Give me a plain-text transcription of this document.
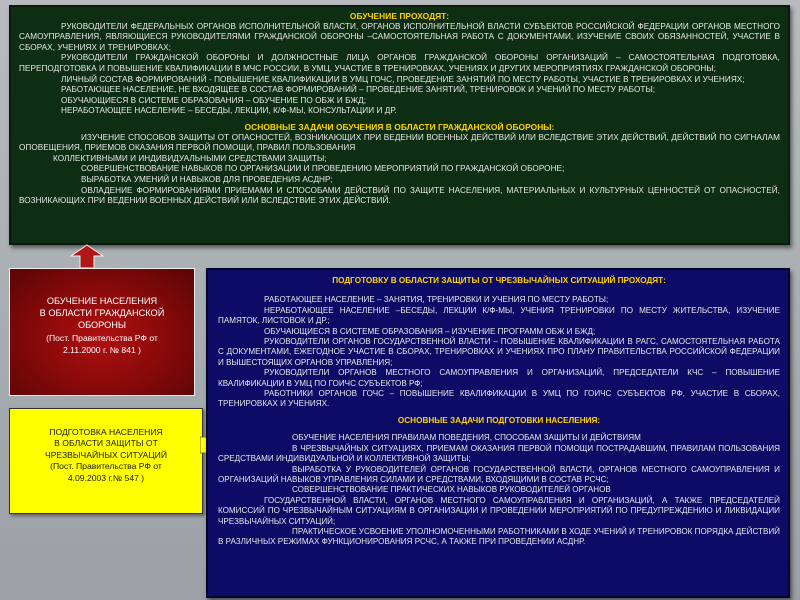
ОБУЧЕНИЕ ПРОХОДЯТ:

РУКОВОДИТЕЛИ ФЕДЕРАЛЬНЫХ ОРГАНОВ ИСПОЛНИТЕЛЬНОЙ ВЛАСТИ, ОРГАНОВ ИСПОЛНИТЕЛЬНОЙ ВЛАСТИ СУБЪЕКТОВ РОССИЙСКОЙ ФЕДЕРАЦИИ ОРГАНОВ МЕСТНОГО САМОУПРАВЛЕНИЯ, ЯВЛЯЮЩИЕСЯ РУКОВОДИТЕЛЯМИ ГРАЖДАНСКОЙ ОБОРОНЫ –САМОСТОЯТЕЛЬНАЯ РАБОТА С ДОКУМЕНТАМИ, ИЗУЧЕНИЕ СВОИХ ОБЯЗАННОСТЕЙ, УЧАСТИЕ В СБОРАХ, УЧЕНИЯХ И ТРЕНИРОВКАХ;

РУКОВОДИТЕЛИ ГРАЖДАНСКОЙ ОБОРОНЫ И ДОЛЖНОСТНЫЕ ЛИЦА ОРГАНОВ ГРАЖДАНСКОЙ ОБОРОНЫ ОРГАНИЗАЦИЙ – САМОСТОЯТЕЛЬНАЯ ПОДГОТОВКА, ПЕРЕПОДГОТОВКА И ПОВЫШЕНИЕ КВАЛИФИКАЦИИ В МЧС РОССИИ, В УМЦ, УЧАСТИЕ В ТРЕНИРОВКАХ, УЧЕНИЯХ И ДРУГИХ МЕРОПРИЯТИЯХ ГРАЖДАНСКОЙ ОБОРОНЫ;

ЛИЧНЫЙ СОСТАВ ФОРМИРОВАНИЙ - ПОВЫШЕНИЕ КВАЛИФИКАЦИИ В УМЦ ГОЧС, ПРОВЕДЕНИЕ ЗАНЯТИЙ ПО МЕСТУ РАБОТЫ, УЧАСТИЕ В ТРЕНИРОВКАХ И УЧЕНИЯХ;

РАБОТАЮЩЕЕ НАСЕЛЕНИЕ, НЕ ВХОДЯЩЕЕ В СОСТАВ ФОРМИРОВАНИЙ – ПРОВЕДЕНИЕ ЗАНЯТИЙ, ТРЕНИРОВОК И УЧЕНИЙ ПО МЕСТУ РАБОТЫ;

ОБУЧАЮЩИЕСЯ В СИСТЕМЕ ОБРАЗОВАНИЯ – ОБУЧЕНИЕ ПО ОБЖ И БЖД;

НЕРАБОТАЮЩЕЕ НАСЕЛЕНИЕ – БЕСЕДЫ, ЛЕКЦИИ, К/Ф-МЫ, КОНСУЛЬТАЦИИ И ДР.

ОСНОВНЫЕ ЗАДАЧИ ОБУЧЕНИЯ В ОБЛАСТИ ГРАЖДАНСКОЙ ОБОРОНЫ:

ИЗУЧЕНИЕ СПОСОБОВ ЗАЩИТЫ ОТ ОПАСНОСТЕЙ, ВОЗНИКАЮЩИХ ПРИ ВЕДЕНИИ ВОЕННЫХ ДЕЙСТВИЙ ИЛИ ВСЛЕДСТВИЕ ЭТИХ ДЕЙСТВИЙ, ДЕЙСТВИЙ ПО СИГНАЛАМ ОПОВЕЩЕНИЯ, ПРИЕМОВ ОКАЗАНИЯ ПЕРВОЙ ПОМОЩИ, ПРАВИЛ ПОЛЬЗОВАНИЯ

КОЛЛЕКТИВНЫМИ И ИНДИВИДУАЛЬНЫМИ СРЕДСТВАМИ ЗАЩИТЫ;

СОВЕРШЕНСТВОВАНИЕ НАВЫКОВ ПО ОРГАНИЗАЦИИ И ПРОВЕДЕНИЮ МЕРОПРИЯТИЙ ПО ГРАЖДАНСКОЙ ОБОРОНЕ;

ВЫРАБОТКА УМЕНИЙ И НАВЫКОВ ДЛЯ ПРОВЕДЕНИЯ АСДНР;

ОВЛАДЕНИЕ ФОРМИРОВАНИЯМИ ПРИЕМАМИ И СПОСОБАМИ ДЕЙСТВИЙ ПО ЗАЩИТЕ НАСЕЛЕНИЯ, МАТЕРИАЛЬНЫХ И КУЛЬТУРНЫХ ЦЕННОСТЕЙ ОТ ОПАСНОСТЕЙ, ВОЗНИКАЮЩИХ ПРИ ВЕДЕНИИ ВОЕННЫХ ДЕЙСТВИЙ ИЛИ ВСЛЕДСТВИЕ ЭТИХ ДЕЙСТВИЙ.

ОБУЧЕНИЕ НАСЕЛЕНИЯ
В ОБЛАСТИ ГРАЖДАНСКОЙ
ОБОРОНЫ
(Пост. Правительства РФ от
2.11.2000 г. № 841 )
ПОДГОТОВКА НАСЕЛЕНИЯ
В ОБЛАСТИ ЗАЩИТЫ ОТ
ЧРЕЗВЫЧАЙНЫХ СИТУАЦИЙ
(Пост. Правительства РФ от
4.09.2003 г.№ 547 )
ПОДГОТОВКУ В ОБЛАСТИ ЗАЩИТЫ ОТ ЧРЕЗВЫЧАЙНЫХ СИТУАЦИЙ ПРОХОДЯТ:

РАБОТАЮЩЕЕ НАСЕЛЕНИЕ – ЗАНЯТИЯ, ТРЕНИРОВКИ И УЧЕНИЯ ПО МЕСТУ РАБОТЫ;

НЕРАБОТАЮЩЕЕ НАСЕЛЕНИЕ –БЕСЕДЫ, ЛЕКЦИИ К/Ф-МЫ, УЧЕНИЯ ТРЕНИРОВКИ ПО МЕСТУ ЖИТЕЛЬСТВА, ИЗУЧЕНИЕ ПАМЯТОК, ЛИСТОВОК И ДР.;

ОБУЧАЮЩИЕСЯ В СИСТЕМЕ ОБРАЗОВАНИЯ – ИЗУЧЕНИЕ ПРОГРАММ ОБЖ И БЖД;

РУКОВОДИТЕЛИ ОРГАНОВ ГОСУДАРСТВЕННОЙ ВЛАСТИ – ПОВЫШЕНИЕ КВАЛИФИКАЦИИ В РАГС, САМОСТОЯТЕЛЬНАЯ РАБОТА С ДОКУМЕНТАМИ, ЕЖЕГОДНОЕ УЧАСТИЕ В СБОРАХ, ТРЕНИРОВКАХ И УЧЕНИЯХ ПРО ПЛАНУ ПРАВИТЕЛЬСТВА РОССИЙСКОЙ ФЕДЕРАЦИИ И ВЫШЕСТОЯЩИХ ОРГАНОВ УПРАВЛЕНИЯ;

РУКОВОДИТЕЛИ ОРГАНОВ МЕСТНОГО САМОУПРАВЛЕНИЯ И ОРГАНИЗАЦИЙ, ПРЕДСЕДАТЕЛИ КЧС – ПОВЫШЕНИЕ КВАЛИФИКАЦИИ В УМЦ ПО ГОИЧС СУБЪЕКТОВ РФ;

РАБОТНИКИ ОРГАНОВ ГОЧС – ПОВЫШЕНИЕ КВАЛИФИКАЦИИ В УМЦ ПО ГОИЧС СУБЪЕКТОВ РФ, УЧАСТИЕ В СБОРАХ, ТРЕНИРОВКАХ И УЧЕНИЯХ.

ОСНОВНЫЕ ЗАДАЧИ ПОДГОТОВКИ НАСЕЛЕНИЯ:

ОБУЧЕНИЕ НАСЕЛЕНИЯ ПРАВИЛАМ ПОВЕДЕНИЯ, СПОСОБАМ ЗАЩИТЫ И ДЕЙСТВИЯМ

В ЧРЕЗВЫЧАЙНЫХ СИТУАЦИЯХ, ПРИЕМАМ ОКАЗАНИЯ ПЕРВОЙ ПОМОЩИ ПОСТРАДАВШИМ, ПРАВИЛАМ ПОЛЬЗОВАНИЯ СРЕДСТВАМИ ИНДИВИДУАЛЬНОЙ И КОЛЛЕКТИВНОЙ ЗАЩИТЫ;

ВЫРАБОТКА У РУКОВОДИТЕЛЕЙ ОРГАНОВ ГОСУДАРСТВЕННОЙ ВЛАСТИ, ОРГАНОВ МЕСТНОГО САМОУПРАВЛЕНИЯ И ОРГАНИЗАЦИЙ НАВЫКОВ УПРАВЛЕНИЯ СИЛАМИ И СРЕДСТВАМИ, ВХОДЯЩИМИ В СОСТАВ РСЧС;

СОВЕРШЕНСТВОВАНИЕ ПРАКТИЧЕСКИХ НАВЫКОВ РУКОВОДИТЕЛЕЙ ОРГАНОВ

ГОСУДАРСТВЕННОЙ ВЛАСТИ, ОРГАНОВ МЕСТНОГО САМОУПРАВЛЕНИЯ И ОРГАНИЗАЦИЙ, А ТАКЖЕ ПРЕДСЕДАТЕЛЕЙ КОМИССИЙ ПО ЧРЕЗВЫЧАЙНЫМ СИТУАЦИЯМ В ОРГАНИЗАЦИИ И ПРОВЕДЕНИИ МЕРОПРИЯТИЙ ПО ПРЕДУПРЕЖДЕНИЮ И ЛИКВИДАЦИИ ЧРЕЗВЫЧАЙНЫХ СИТУАЦИЙ;

ПРАКТИЧЕСКОЕ УСВОЕНИЕ УПОЛНОМОЧЕННЫМИ РАБОТНИКАМИ В ХОДЕ УЧЕНИЙ И ТРЕНИРОВОК ПОРЯДКА ДЕЙСТВИЙ В РАЗЛИЧНЫХ РЕЖИМАХ ФУНКЦИОНИРОВАНИЯ РСЧС, А ТАКЖЕ ПРИ ПРОВЕДЕНИИ АСДНР.
